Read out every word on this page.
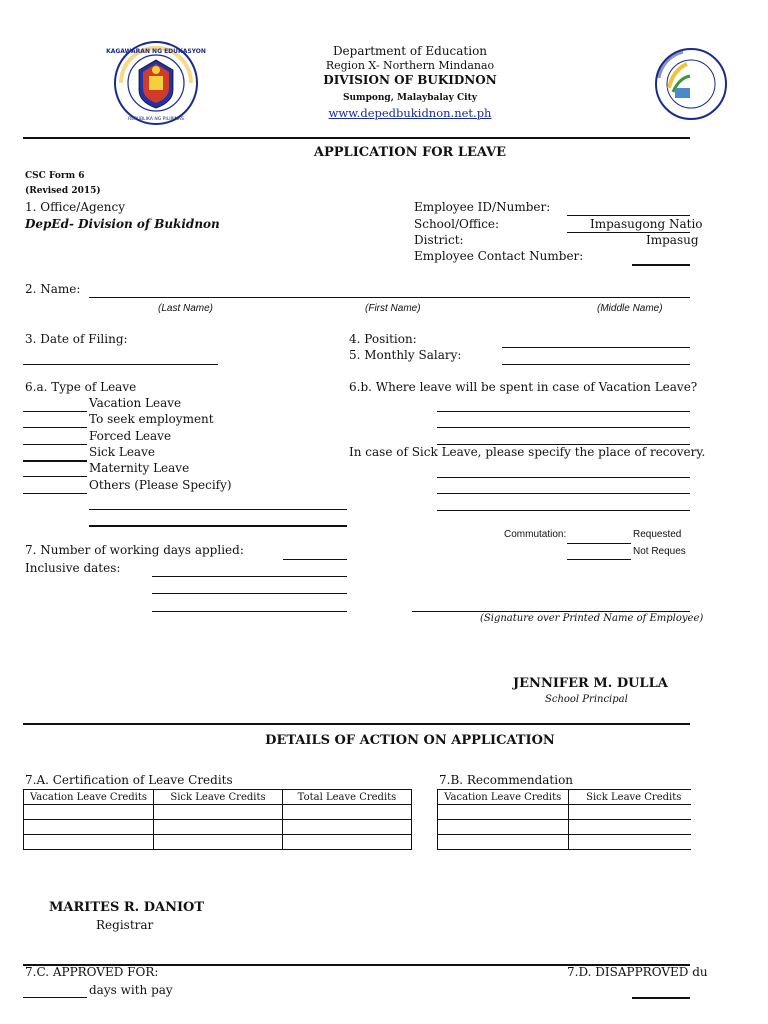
KAGAWARAN NG EDUKASYON
REPUBLIKA NG PILIPINAS
Department of Education
Region X- Northern Mindanao
DIVISION OF BUKIDNON
Sumpong, Malaybalay City
www.depedbukidnon.net.ph
APPLICATION FOR LEAVE
CSC Form 6
(Revised 2015)
1. Office/Agency
DepEd- Division of Bukidnon
Employee ID/Number:
School/Office:	Impasugong Natio
District:	Impasug
Employee Contact Number:
2. Name:
(Last Name)	(First Name)	(Middle Name)
3. Date of Filing:	4. Position:
5. Monthly Salary:
6.a. Type of Leave
Vacation Leave
To seek employment
Forced Leave
Sick Leave
Maternity Leave
Others (Please Specify)
6.b. Where leave will be spent in case of Vacation Leave?
In case of Sick Leave, please specify the place of recovery.
Commutation:	Requested
Not Reques
7. Number of working days applied:
Inclusive dates:
(Signature over Printed Name of Employee)
JENNIFER M. DULLA
School Principal
DETAILS OF ACTION ON APPLICATION
7.A. Certification of Leave Credits
Vacation Leave Credits	Sick Leave Credits	Total Leave Credits

7.B. Recommendation
Vacation Leave Credits	Sick Leave Credits

MARITES R. DANIOT
Registrar
7.C. APPROVED FOR:	7.D. DISAPPROVED du
days with pay
